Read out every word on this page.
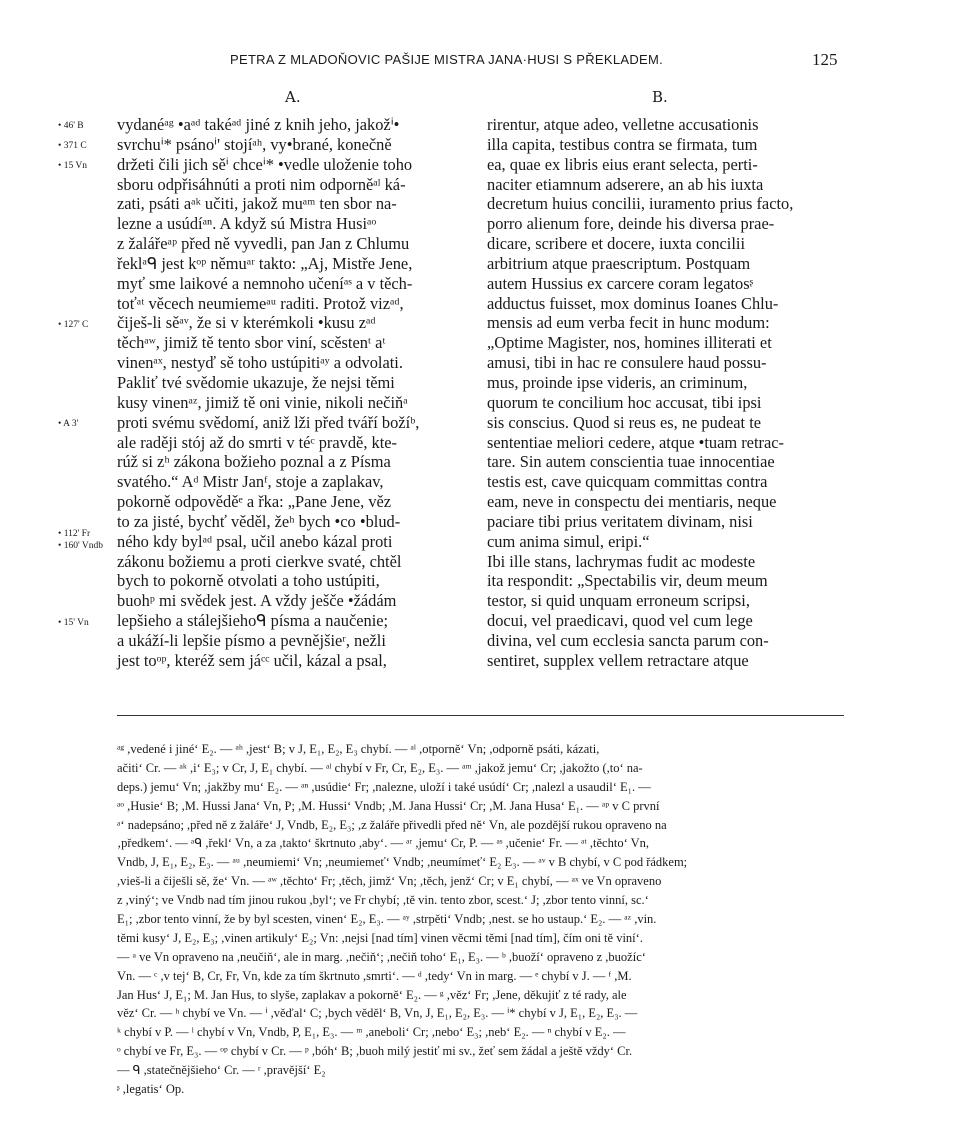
PETRA Z MLADOŇOVIC PAŠIJE MISTRA JANA·HUSI S PŘEKLADEM.	125
A.	B.
• 46' B
• 371 C
• 15 Vn
• 127' C
• A 3'
• 112' Fr
• 160' Vndb
• 15' Vn
vydanéᵃᵍ •aᵃᵈ takéᵃᵈ jiné z knih jeho, jakožⁱ•
svrchuⁱ* psánoⁱ' stojíᵃʰ, vy•brané, konečně
držeti čili jich sěⁱ chceⁱ* •vedle uloženie toho
sboru odpřisáhnúti a proti nim odporněᵃˡ ká-
zati, psáti aᵃᵏ učiti, jakož muᵃᵐ ten sbor na-
lezne a usúdíᵃⁿ. A když sú Mistra Husiᵃᵒ
z žalářeᵃᵖ před ně vyvedli, pan Jan z Chlumu
řeklᵃᑫ jest kᵒᵖ němuᵃʳ takto: „Aj, Mistře Jene,
myť sme laikové a nemnoho učeníᵃˢ a v těch-
toťᵃᵗ věcech neumiemeᵃᵘ raditi. Protož vizᵃᵈ,
čiješ-li sěᵃᵛ, že si v kterémkoli •kusu zᵃᵈ
těchᵃʷ, jimiž tě tento sbor viní, scěstenᵗ aᵗ
vinenᵃˣ, nestyď sě toho ustúpitiᵃʸ a odvolati.
Pakliť tvé svědomie ukazuje, že nejsi těmi
kusy vinenᵃᶻ, jimiž tě oni vinie, nikoli nečiňᵃ
proti svému svědomí, aniž lži před tváří božíᵇ,
ale raději stój až do smrti v téᶜ pravdě, kte-
rúž si zʰ zákona božieho poznal a z Písma
svatého.“ Aᵈ Mistr Janᶠ, stoje a zaplakav,
pokorně odpověděᵉ a řka: „Pane Jene, věz
to za jisté, bychť věděl, žeʰ bych •co •blud-
ného kdy bylᵃᵈ psal, učil anebo kázal proti
zákonu božiemu a proti cierkve svaté, chtěl
bych to pokorně otvolati a toho ustúpiti,
buohᵖ mi svědek jest. A vždy ješče •žádám
lepšieho a stálejšiehoᑫ písma a naučenie;
a ukáží-li lepšie písmo a pevnějšieʳ, nežli
jest toᵒᵖ, kteréž sem jáᶜᶜ učil, kázal a psal,
rirentur, atque adeo, velletne accusationis
illa capita, testibus contra se firmata, tum
ea, quae ex libris eius erant selecta, perti-
naciter etiamnum adserere, an ab his iuxta
decretum huius concilii, iuramento prius facto,
porro alienum fore, deinde his diversa prae-
dicare, scribere et docere, iuxta concilii
arbitrium atque praescriptum. Postquam
autem Hussius ex carcere coram legatosᶳ
adductus fuisset, mox dominus Ioanes Chlu-
mensis ad eum verba fecit in hunc modum:
„Optime Magister, nos, homines illiterati et
amusi, tibi in hac re consulere haud possu-
mus, proinde ipse videris, an criminum,
quorum te concilium hoc accusat, tibi ipsi
sis conscius. Quod si reus es, ne pudeat te
sententiae meliori cedere, atque •tuam retrac-
tare. Sin autem conscientia tuae innocentiae
testis est, cave quicquam committas contra
eam, neve in conspectu dei mentiaris, neque
paciare tibi prius veritatem divinam, nisi
cum anima simul, eripi.“
Ibi ille stans, lachrymas fudit ac modeste
ita respondit: „Spectabilis vir, deum meum
testor, si quid unquam erroneum scripsi,
docui, vel praedicavi, quod vel cum lege
divina, vel cum ecclesia sancta parum con-
sentiret, supplex vellem retractare atque
ᵃᵍ ,vedené i jiné‘ E₂. — ᵃʰ ,jest‘ B; v J, E₁, E₂, E₃ chybí. — ᵃˡ ,otporně‘ Vn; ,odporně psáti, kázati,
ačiti‘ Cr. — ᵃᵏ ,i‘ E₃; v Cr, J, E₁ chybí. — ᵃˡ chybí v Fr, Cr, E₂, E₃. — ᵃᵐ ,jakož jemu‘ Cr; ,jakožto (,to‘ na-
deps.) jemu‘ Vn; ,jakžby mu‘ E₂. — ᵃⁿ ,usúdie‘ Fr; ,nalezne, uloží i také usúdí‘ Cr; ,nalezl a usaudil‘ E₁. —
ᵃᵒ ,Husie‘ B; ,M. Hussi Jana‘ Vn, P; ,M. Hussi‘ Vndb; ,M. Jana Hussi‘ Cr; ,M. Jana Husa‘ E₁. — ᵃᵖ v C první
ᵃ‘ nadepsáno; ,před ně z žaláře‘ J, Vndb, E₂, E₃; ,z žaláře přivedli před ně‘ Vn, ale pozdější rukou opraveno na
‚předkem‘. — ᵃᑫ ,řekl‘ Vn, a za ,takto‘ škrtnuto ,aby‘. — ᵃʳ ,jemu‘ Cr, P. — ᵃˢ ,učenie‘ Fr. — ᵃᵗ ,těchto‘ Vn,
Vndb, J, E₁, E₂, E₃. — ᵃᵘ ,neumiemi‘ Vn; ,neumiemeť‘ Vndb; ,neumímeť‘ E₂ E₃. — ᵃᵛ v B chybí, v C pod řádkem;
,vieš-li a čiješli sě, že‘ Vn. — ᵃʷ ,těchto‘ Fr; ,těch, jimž‘ Vn; ,těch, jenž‘ Cr; v E₁ chybí, — ᵃˣ ve Vn opraveno
z ,viný‘; ve Vndb nad tím jinou rukou ,byl‘; ve Fr chybí; ,tě vin. tento zbor, scest.‘ J; ,zbor tento vinní, sc.‘
E₁; ,zbor tento vinní, že by byl scesten, vinen‘ E₂, E₃. — ᵃʸ ,strpěti‘ Vndb; ,nest. se ho ustaup.‘ E₂. — ᵃᶻ ,vin.
těmi kusy‘ J, E₂, E₃; ,vinen artikuly‘ E₂; Vn: ,nejsi [nad tím] vinen věcmi těmi [nad tím], čím oni tě viní‘.
— ᵃ ve Vn opraveno na ,neučiň‘, ale in marg. ,nečiň‘; ,nečiň toho‘ E₁, E₃. — ᵇ ,buoží‘ opraveno z ,buožíc‘
Vn. — ᶜ ,v tej‘ B, Cr, Fr, Vn, kde za tím škrtnuto ,smrti‘. — ᵈ ,tedy‘ Vn in marg. — ᵉ chybí v J. — ᶠ ,M.
Jan Hus‘ J, E₁; M. Jan Hus, to slyše, zaplakav a pokorně‘ E₂. — ᵍ ,věz‘ Fr; ,Jene, děkujiť z té rady, ale
věz‘ Cr. — ʰ chybí ve Vn. — ⁱ ,věďal‘ C; ,bych věděl‘ B, Vn, J, E₁, E₂, E₃. — ⁱ* chybí v J, E₁, E₂, E₃. —
ᵏ chybí v P. — ˡ chybí v Vn, Vndb, P, E₁, E₃. — ᵐ ,aneboli‘ Cr; ,nebo‘ E₃; ,neb‘ E₂. — ⁿ chybí v E₂. —
ᵒ chybí ve Fr, E₃. — ᵒᵖ chybí v Cr. — ᵖ ,bóh‘ B; ,buoh milý jestiť mi sv., žeť sem žádal a ještě vždy‘ Cr.
— ᑫ ,statečnějšieho‘ Cr. — ʳ ,pravější‘ E₂
ᶳ ,legatis‘ Op.
